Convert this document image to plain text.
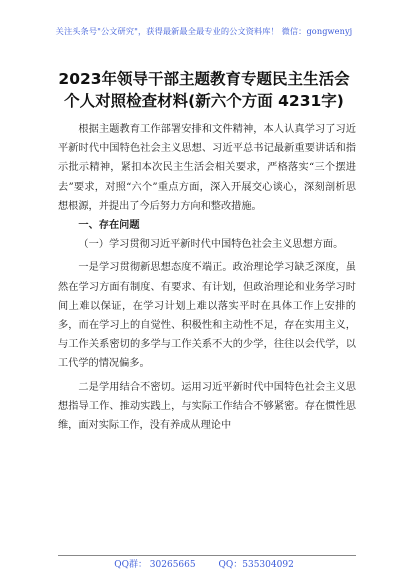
关注头条号"公文研究"，获得最新最全最专业的公文资料库！ 微信：gongwenyj
2023年领导干部主题教育专题民主生活会
个人对照检查材料(新六个方面 4231字)

根据主题教育工作部署安排和文件精神，本人认真学习了习近平新时代中国特色社会主义思想、习近平总书记最新重要讲话和指示批示精神，紧扣本次民主生活会相关要求，严格落实“三个摆进去”要求，对照“六个”重点方面，深入开展交心谈心，深刻剖析思想根源，并提出了今后努力方向和整改措施。

一、存在问题

（一）学习贯彻习近平新时代中国特色社会主义思想方面。

一是学习贯彻新思想态度不端正。政治理论学习缺乏深度，虽然在学习方面有制度、有要求、有计划，但政治理论和业务学习时间上难以保证，在学习计划上难以落实平时在具体工作上安排的多，而在学习上的自觉性、积极性和主动性不足，存在实用主义，与工作关系密切的多学与工作关系不大的少学，往往以会代学，以工代学的情况偏多。

二是学用结合不密切。运用习近平新时代中国特色社会主义思想指导工作、推动实践上，与实际工作结合不够紧密。存在惯性思维，面对实际工作，没有养成从理论中

QQ群： 30265665	QQ：535304092
